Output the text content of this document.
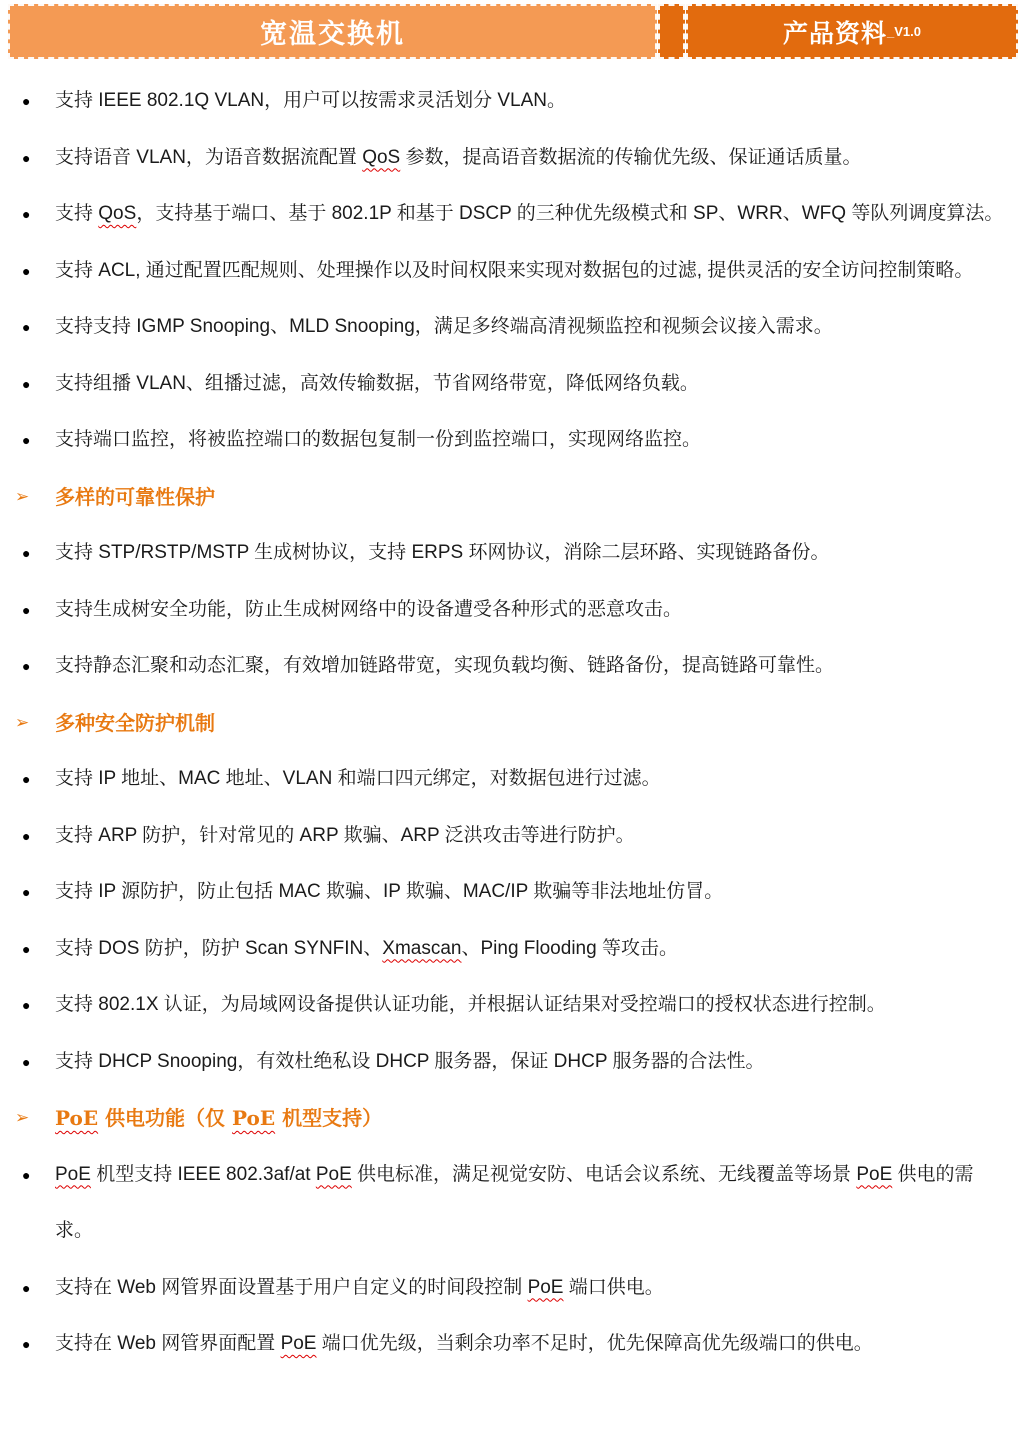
宽温交换机	产品资料 _V1.0
● 支持 IEEE 802.1Q VLAN，用户可以按需求灵活划分 VLAN。
● 支持语音 VLAN，为语音数据流配置 QoS 参数，提高语音数据流的传输优先级、保证通话质量。
● 支持 QoS，支持基于端口、基于 802.1P 和基于 DSCP 的三种优先级模式和 SP、WRR、WFQ 等队列调度算法。
● 支持 ACL, 通过配置匹配规则、处理操作以及时间权限来实现对数据包的过滤, 提供灵活的安全访问控制策略。
● 支持支持 IGMP Snooping、MLD Snooping，满足多终端高清视频监控和视频会议接入需求。
● 支持组播 VLAN、组播过滤，高效传输数据，节省网络带宽，降低网络负载。
● 支持端口监控，将被监控端口的数据包复制一份到监控端口，实现网络监控。
➢ 多样的可靠性保护
● 支持 STP/RSTP/MSTP 生成树协议，支持 ERPS 环网协议，消除二层环路、实现链路备份。
● 支持生成树安全功能，防止生成树网络中的设备遭受各种形式的恶意攻击。
● 支持静态汇聚和动态汇聚，有效增加链路带宽，实现负载均衡、链路备份，提高链路可靠性。
➢ 多种安全防护机制
● 支持 IP 地址、MAC 地址、VLAN 和端口四元绑定，对数据包进行过滤。
● 支持 ARP 防护，针对常见的 ARP 欺骗、ARP 泛洪攻击等进行防护。
● 支持 IP 源防护，防止包括 MAC 欺骗、IP 欺骗、MAC/IP 欺骗等非法地址仿冒。
● 支持 DOS 防护，防护 Scan SYNFIN、Xmascan、Ping Flooding 等攻击。
● 支持 802.1X 认证，为局域网设备提供认证功能，并根据认证结果对受控端口的授权状态进行控制。
● 支持 DHCP Snooping，有效杜绝私设 DHCP 服务器，保证 DHCP 服务器的合法性。
➢ PoE 供电功能（仅 PoE 机型支持）
● PoE 机型支持 IEEE 802.3af/at PoE 供电标准，满足视觉安防、电话会议系统、无线覆盖等场景 PoE 供电的需求。
● 支持在 Web 网管界面设置基于用户自定义的时间段控制 PoE 端口供电。
● 支持在 Web 网管界面配置 PoE 端口优先级，当剩余功率不足时，优先保障高优先级端口的供电。
